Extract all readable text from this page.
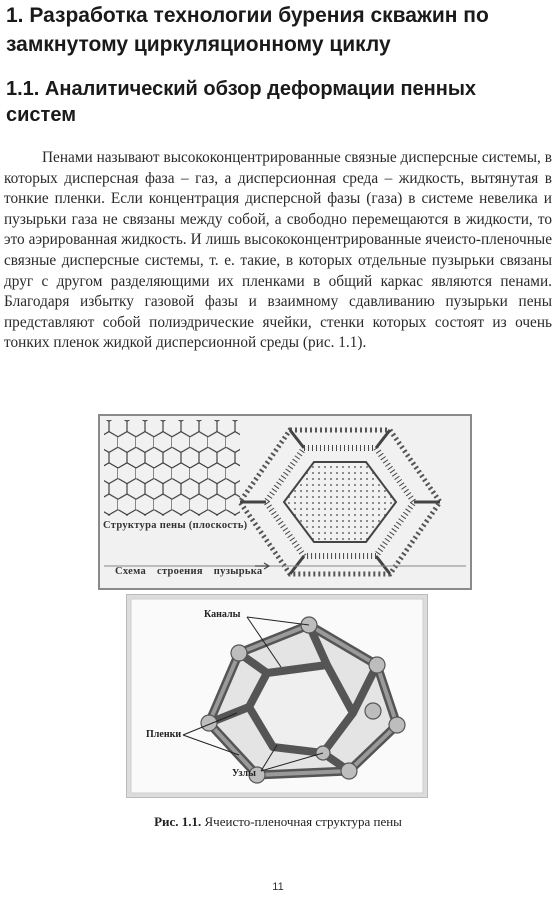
1. Разработка технологии бурения скважин по замкнутому циркуляционному циклу
1.1. Аналитический обзор деформации пенных систем

Пенами называют высококонцентрированные связные дисперсные системы, в которых дисперсная фаза – газ, а дисперсионная среда – жидкость, вытянутая в тонкие пленки. Если концентрация дисперсной фазы (газа) в системе невелика и пузырьки газа не связаны между собой, а свободно перемещаются в жидкости, то это аэрированная жидкость. И лишь высококонцентрированные ячеисто-пленочные связные дисперсные системы, т. е. такие, в которых отдельные пузырьки связаны друг с другом разделяющими их пленками в общий каркас являются пенами. Благодаря избытку газовой фазы и взаимному сдавливанию пузырьки пены представляют собой полиэдрические ячейки, стенки которых состоят из очень тонких пленок жидкой дисперсионной среды (рис. 1.1).

Структура пены (плоскость)
Схема строения пузырька
Каналы
Пленки
Узлы

Рис. 1.1. Ячеисто-пленочная структура пены

11
